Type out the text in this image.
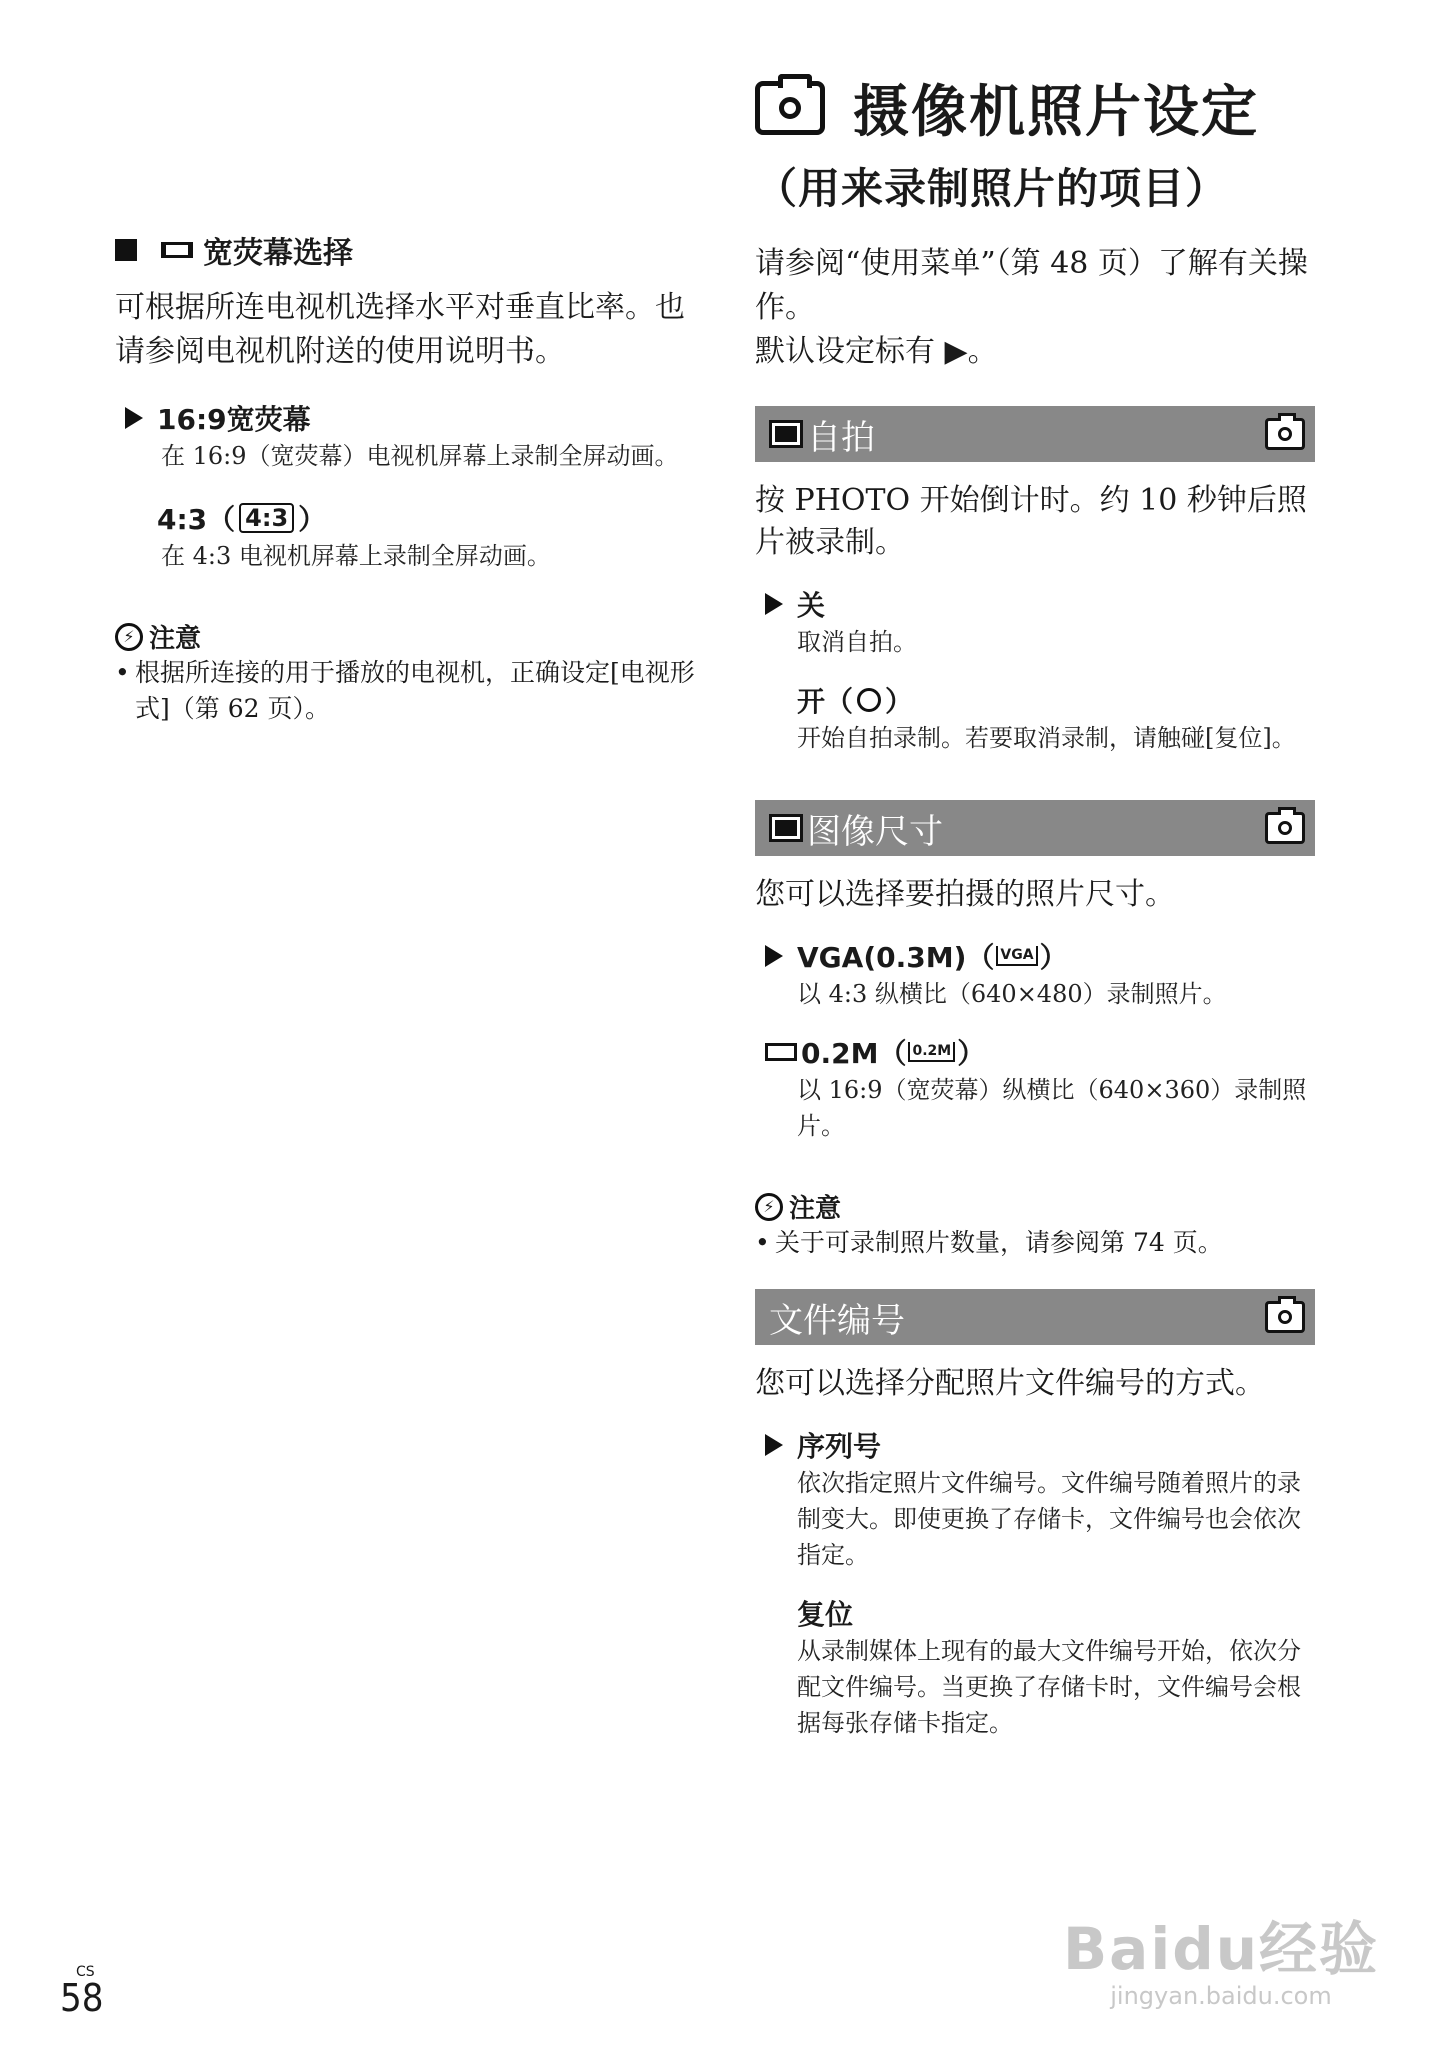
宽荧幕选择
可根据所连电视机选择水平对垂直比率。也请参阅电视机附送的使用说明书。
16:9宽荧幕
在 16:9（宽荧幕）电视机屏幕上录制全屏动画。
4:3（ 4:3 ）
在 4:3 电视机屏幕上录制全屏动画。
⚡ 注意
• 根据所连接的用于播放的电视机，正确设定[电视形式]（第 62 页）。
摄像机照片设定
（用来录制照片的项目）
请参阅“使用菜单”（第 48 页）了解有关操作。
默认设定标有 ▶。
自拍
按 PHOTO 开始倒计时。约 10 秒钟后照片被录制。
关
取消自拍。
开（ ）
开始自拍录制。若要取消录制，请触碰[复位]。
图像尺寸
您可以选择要拍摄的照片尺寸。
VGA(0.3M)（ VGA ）
以 4:3 纵横比（640×480）录制照片。
0.2M（ 0.2M ）
以 16:9（宽荧幕）纵横比（640×360）录制照片。
⚡ 注意
• 关于可录制照片数量，请参阅第 74 页。
文件编号
您可以选择分配照片文件编号的方式。
序列号
依次指定照片文件编号。文件编号随着照片的录制变大。即使更换了存储卡，文件编号也会依次指定。
复位
从录制媒体上现有的最大文件编号开始，依次分配文件编号。当更换了存储卡时，文件编号会根据每张存储卡指定。
CS
58
Baidu经验
jingyan.baidu.com
